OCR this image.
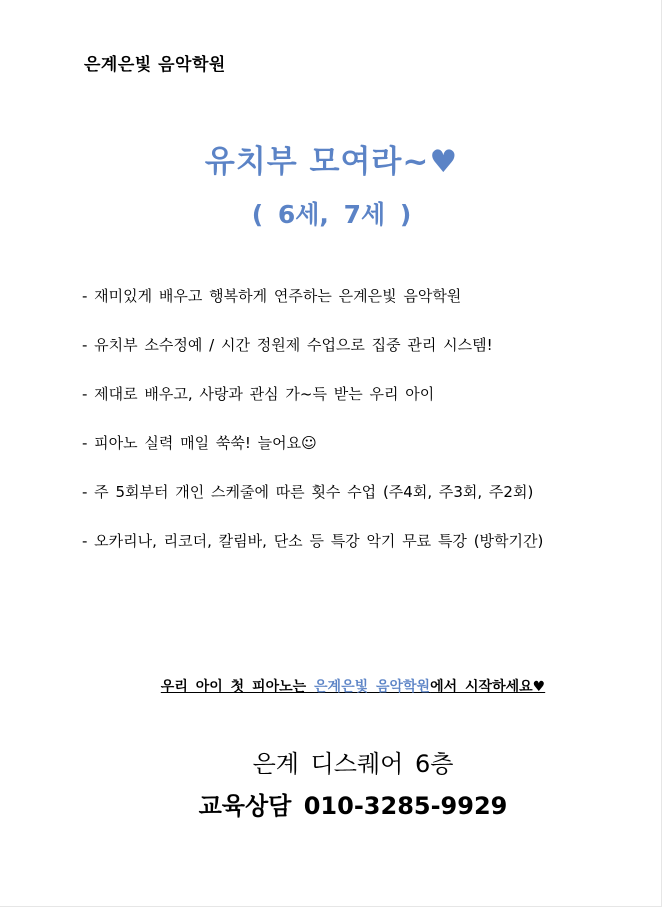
은계은빛 음악학원
유치부 모여라~♥
( 6세, 7세 )
- 재미있게 배우고 행복하게 연주하는 은계은빛 음악학원
- 유치부 소수정예 / 시간 정원제 수업으로 집중 관리 시스템!
- 제대로 배우고, 사랑과 관심 가~득 받는 우리 아이
- 피아노 실력 매일 쑥쑥! 늘어요☺
- 주 5회부터 개인 스케줄에 따른 횟수 수업 (주4회, 주3회, 주2회)
- 오카리나, 리코더, 칼림바, 단소 등 특강 악기 무료 특강 (방학기간)
우리 아이 첫 피아노는 은계은빛 음악학원에서 시작하세요♥
은계 디스퀘어 6층
교육상담 010-3285-9929
